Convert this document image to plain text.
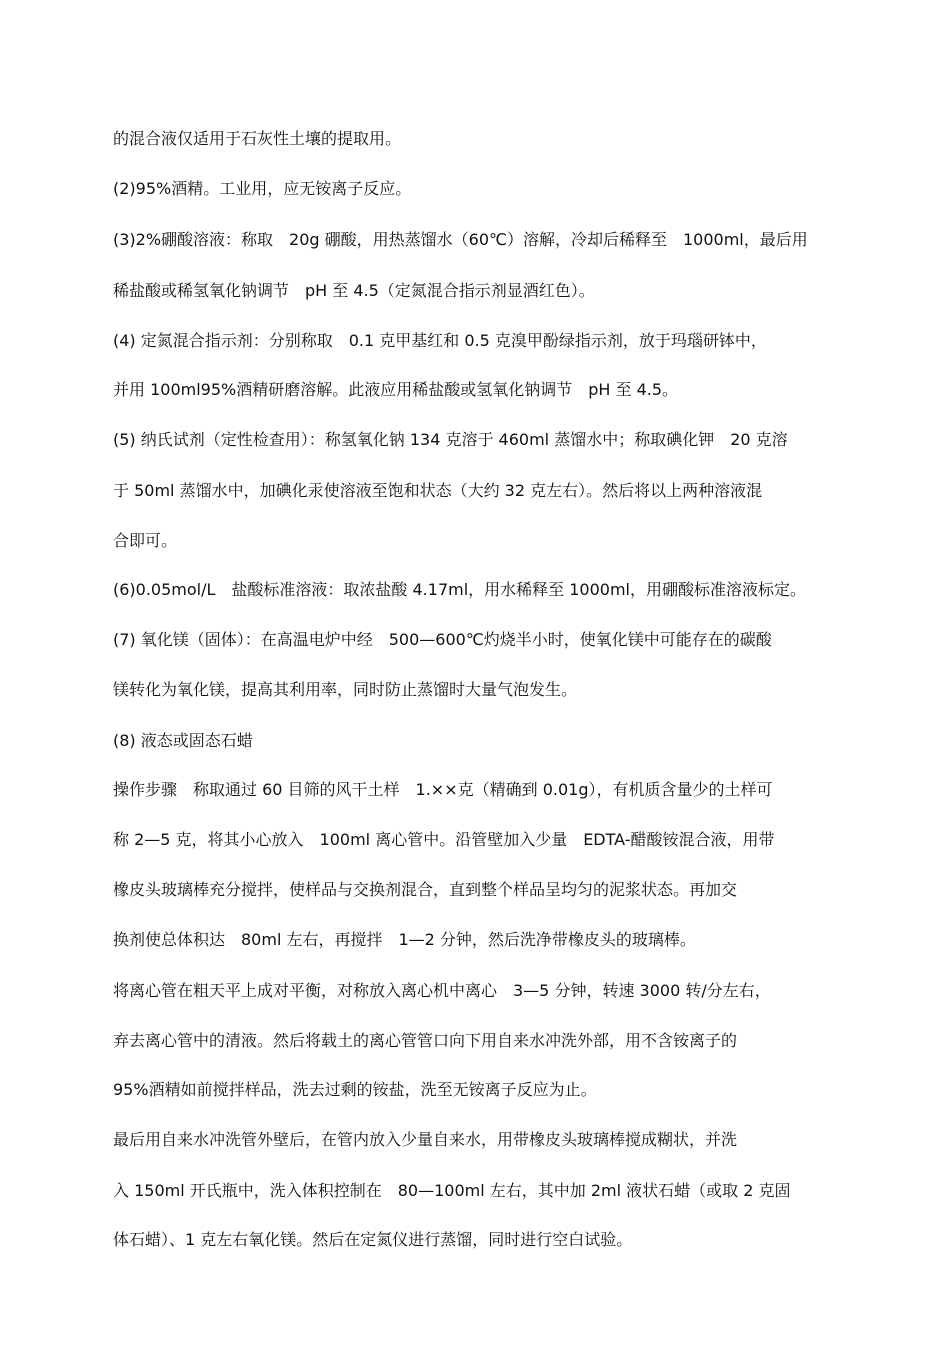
的混合液仅适用于石灰性土壤的提取用。
(2)95%酒精。工业用，应无铵离子反应。
(3)2%硼酸溶液：称取　20g 硼酸，用热蒸馏水（60℃）溶解，冷却后稀释至　1000ml，最后用
稀盐酸或稀氢氧化钠调节　pH 至 4.5（定氮混合指示剂显酒红色）。
(4) 定氮混合指示剂：分别称取　0.1 克甲基红和 0.5 克溴甲酚绿指示剂，放于玛瑙研钵中，
并用 100ml95%酒精研磨溶解。此液应用稀盐酸或氢氧化钠调节　pH 至 4.5。
(5) 纳氏试剂（定性检查用）：称氢氧化钠 134 克溶于 460ml 蒸馏水中；称取碘化钾　20 克溶
于 50ml 蒸馏水中，加碘化汞使溶液至饱和状态（大约 32 克左右）。然后将以上两种溶液混
合即可。
(6)0.05mol/L　盐酸标准溶液：取浓盐酸 4.17ml，用水稀释至 1000ml，用硼酸标准溶液标定。
(7) 氧化镁（固体）：在高温电炉中经　500—600℃灼烧半小时，使氧化镁中可能存在的碳酸
镁转化为氧化镁，提高其利用率，同时防止蒸馏时大量气泡发生。
(8) 液态或固态石蜡
操作步骤　称取通过 60 目筛的风干土样　1.××克（精确到 0.01g），有机质含量少的土样可
称 2—5 克，将其小心放入　100ml 离心管中。沿管壁加入少量　EDTA-醋酸铵混合液，用带
橡皮头玻璃棒充分搅拌，使样品与交换剂混合，直到整个样品呈均匀的泥浆状态。再加交
换剂使总体积达　80ml 左右，再搅拌　1—2 分钟，然后洗净带橡皮头的玻璃棒。
将离心管在粗天平上成对平衡，对称放入离心机中离心　3—5 分钟，转速 3000 转/分左右，
弃去离心管中的清液。然后将载土的离心管管口向下用自来水冲洗外部，用不含铵离子的
95%酒精如前搅拌样品，洗去过剩的铵盐，洗至无铵离子反应为止。
最后用自来水冲洗管外壁后，在管内放入少量自来水，用带橡皮头玻璃棒搅成糊状，并洗
入 150ml 开氏瓶中，洗入体积控制在　80—100ml 左右，其中加 2ml 液状石蜡（或取 2 克固
体石蜡）、1 克左右氧化镁。然后在定氮仪进行蒸馏，同时进行空白试验。
